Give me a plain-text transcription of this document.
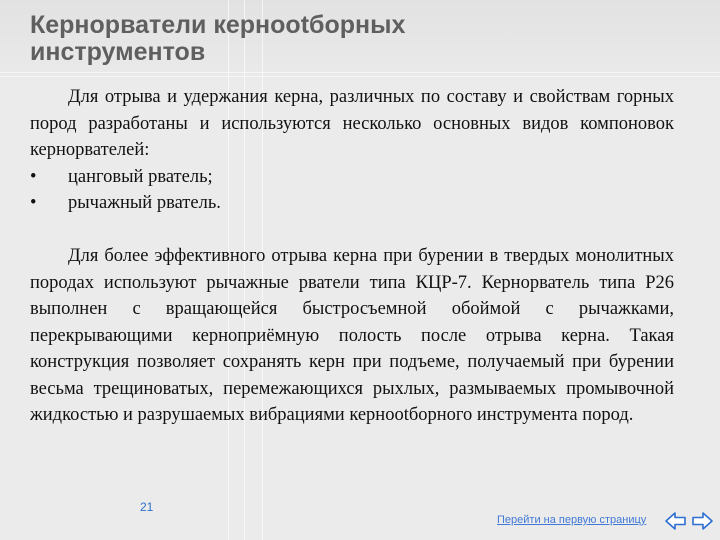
Кернорватели кернootборных
инструментов

Для отрыва и удержания керна, различных по составу и свойствам горных пород разработаны и используются несколько основных видов компоновок кернорвателей:

•	цанговый рватель;
•	рычажный рватель.

Для более эффективного отрыва керна при бурении в твердых монолитных породах используют рычажные рватели типа КЦР-7. Кернорватель типа Р26 выполнен с вращающейся быстросъемной обоймой с рычажками, перекрывающими керноприёмную полость после отрыва керна. Такая конструкция позволяет сохранять керн при подъеме, получаемый при бурении весьма трещиноватых, перемежающихся рыхлых, размываемых промывочной жидкостью и разрушаемых вибрациями кернootборного инструмента пород.

21
Перейти на первую страницу
